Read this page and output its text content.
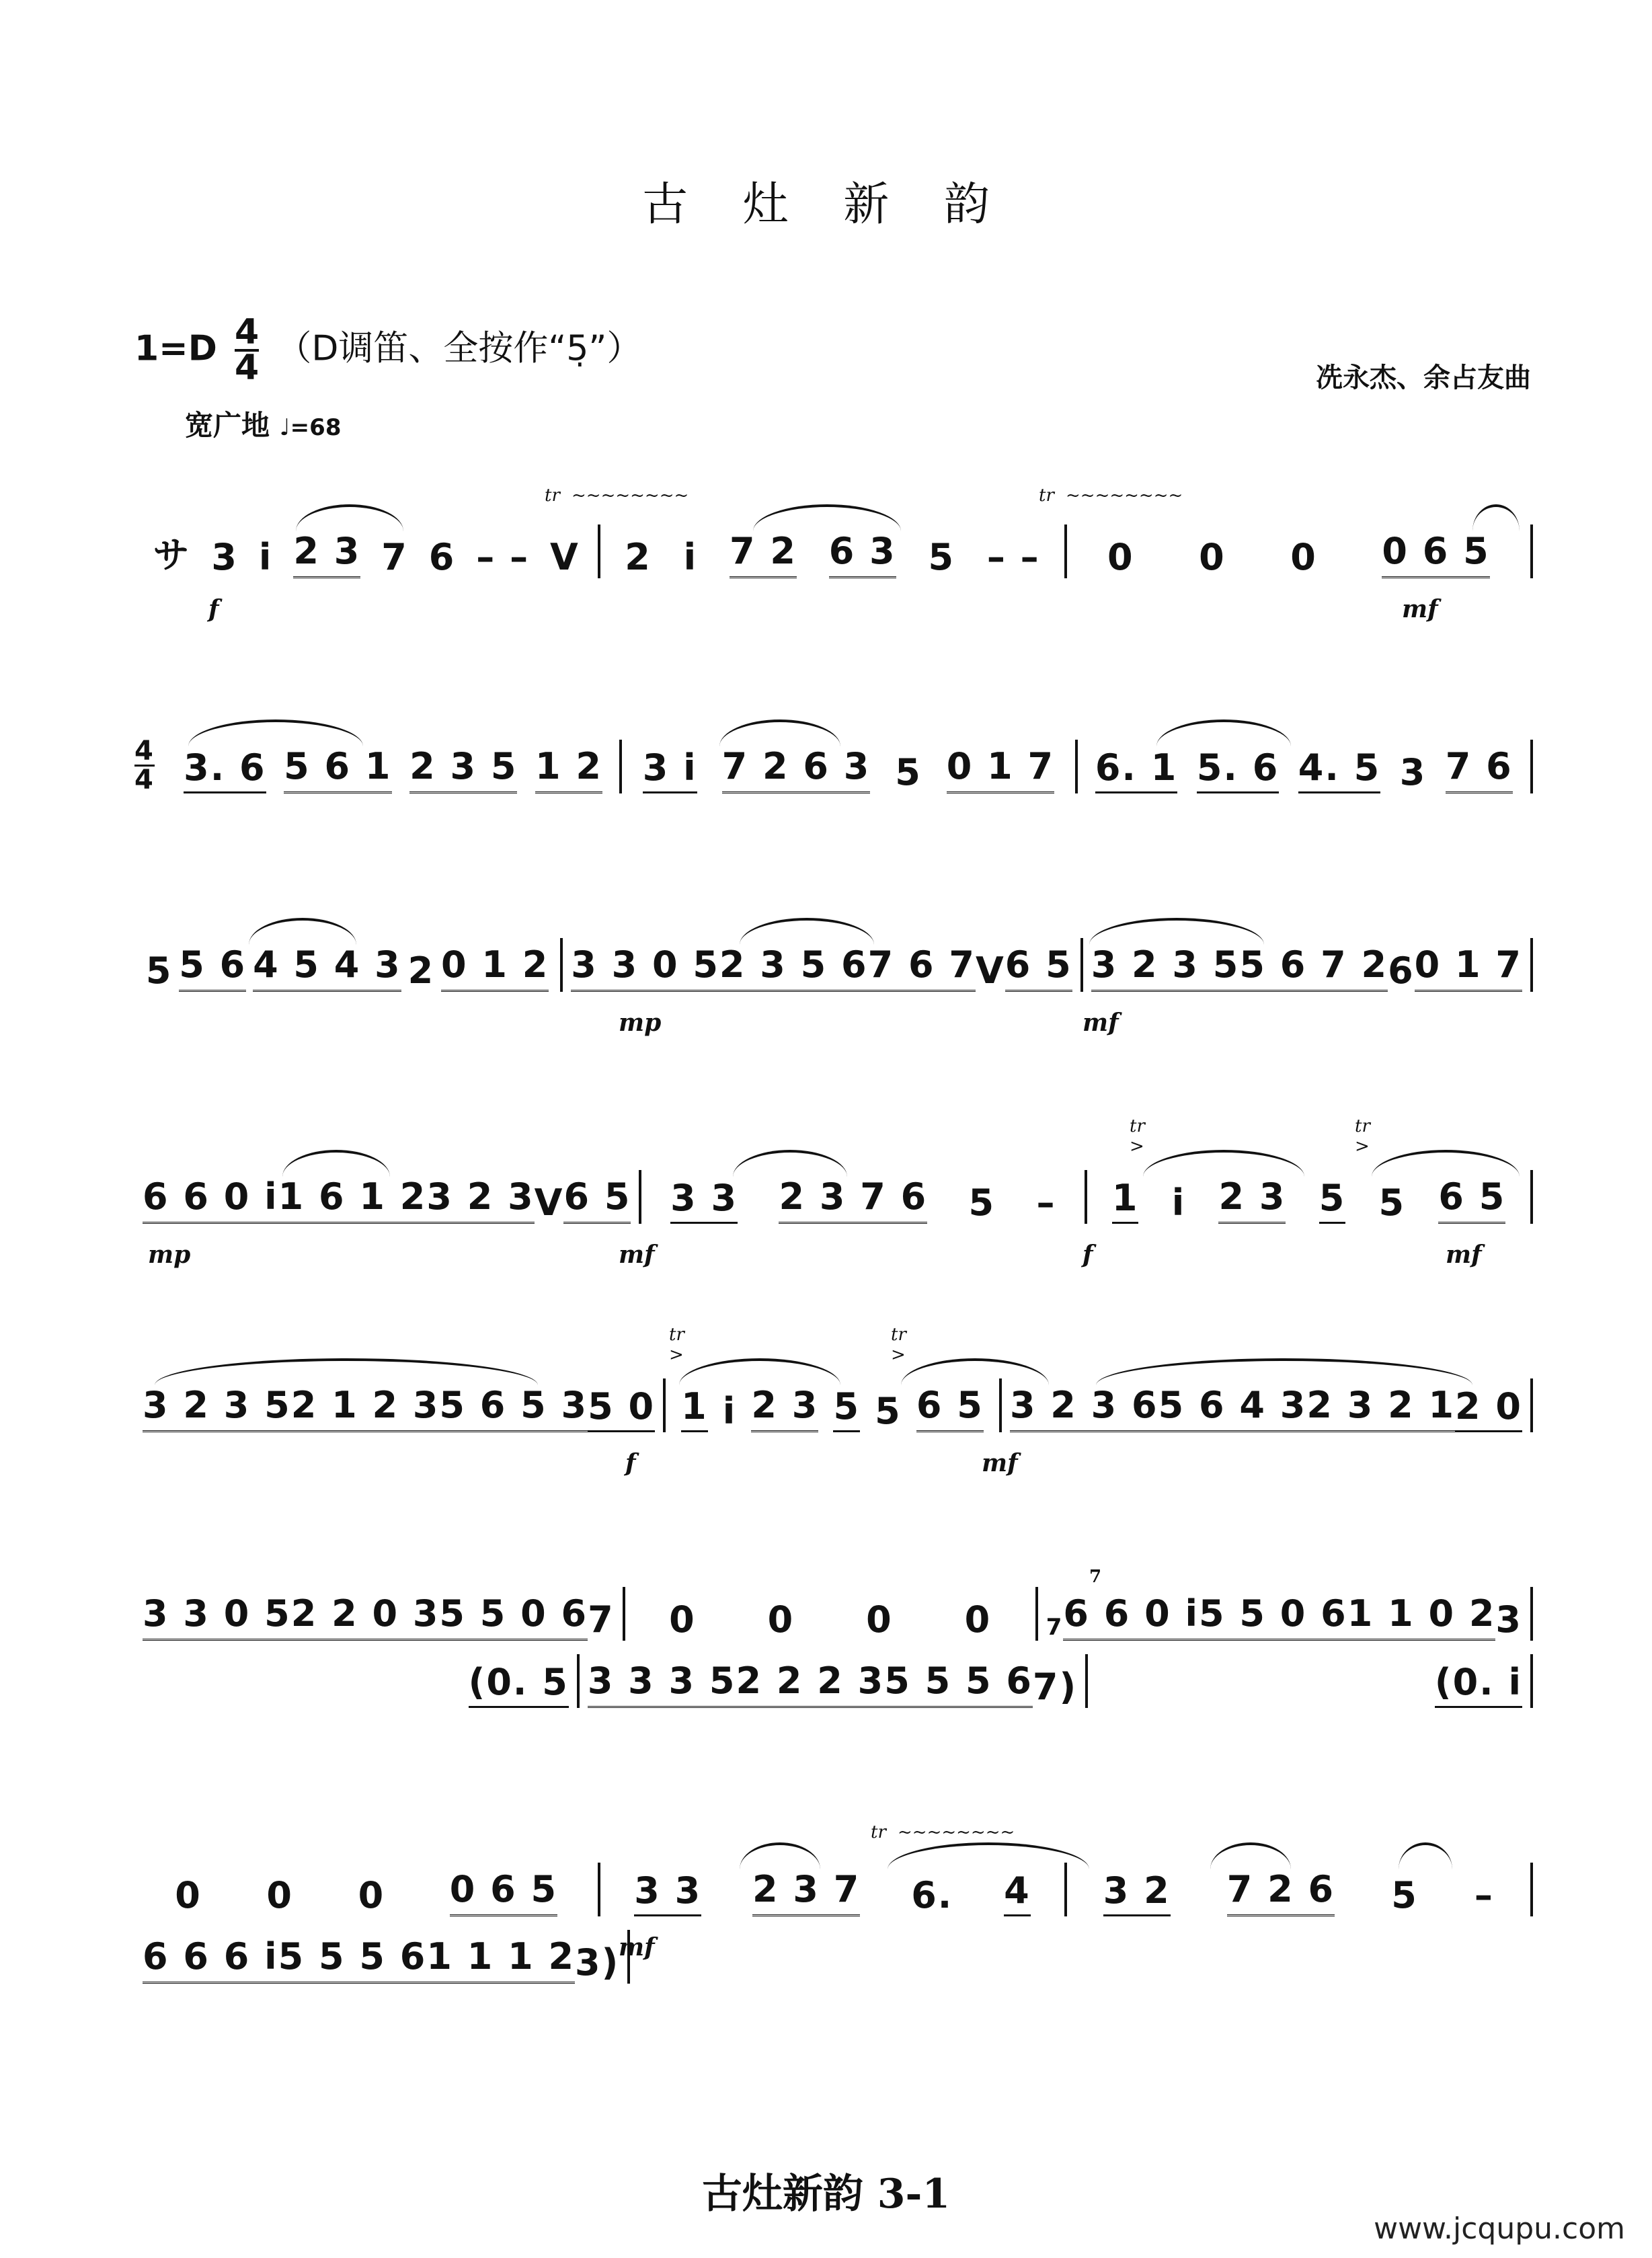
古 灶 新 韵
$1=D \frac{4}{4} (D$调笛、全按作“5̣”）
冼永杰、余占友曲
宽广地 ♩=68
tr ~~~~~~~~	tr ~~~~~~~~
サ 3 i 2 3 7 6 – – V 2 i 7 2 6 3 5 – – 0 0 0 0 6 5
f	mf
4
4 3. 6 5 6 1 2 3 5 1 2 3 i 7 2 6 3 5 0 1 7 6. 1 5. 6 4. 5 3 7 6
5 5 6 4 5 4 3 2 0 1 2 3 3 0 5 2 3 5 6 7 6 7 V 6 5 3 2 3 5 5 6 7 2 6 0 1 7
mp	mf
tr
>
tr
>
6 6 0 i 1 6 1 2 3 2 3 V 6 5 3 3 2 3 7 6 5 – 1 i 2 3 5 5 6 5
mp	mf	f	mf
tr
>
tr
>
3 2 3 5 2 1 2 3 5 6 5 3 5 0 1 i 2 3 5 5 6 5 3 2 3 6 5 6 4 3 2 3 2 1 2 0
f	mf
7
3 3 0 5 2 2 0 3 5 5 0 6 7 0 0 0 0 7 6 6 0 i 5 5 0 6 1 1 0 2 3
(0. 5 3 3 3 5 2 2 2 3 5 5 5 6 7)	(0. i
tr ~~~~~~~~
0 0 0 0 6 5 3 3 2 3 7 6. 4 3 2 7 2 6 5 –
6 6 6 i 5 5 5 6 1 1 1 2 3)
mf
古灶新韵 3-1
www.jcqupu.com
